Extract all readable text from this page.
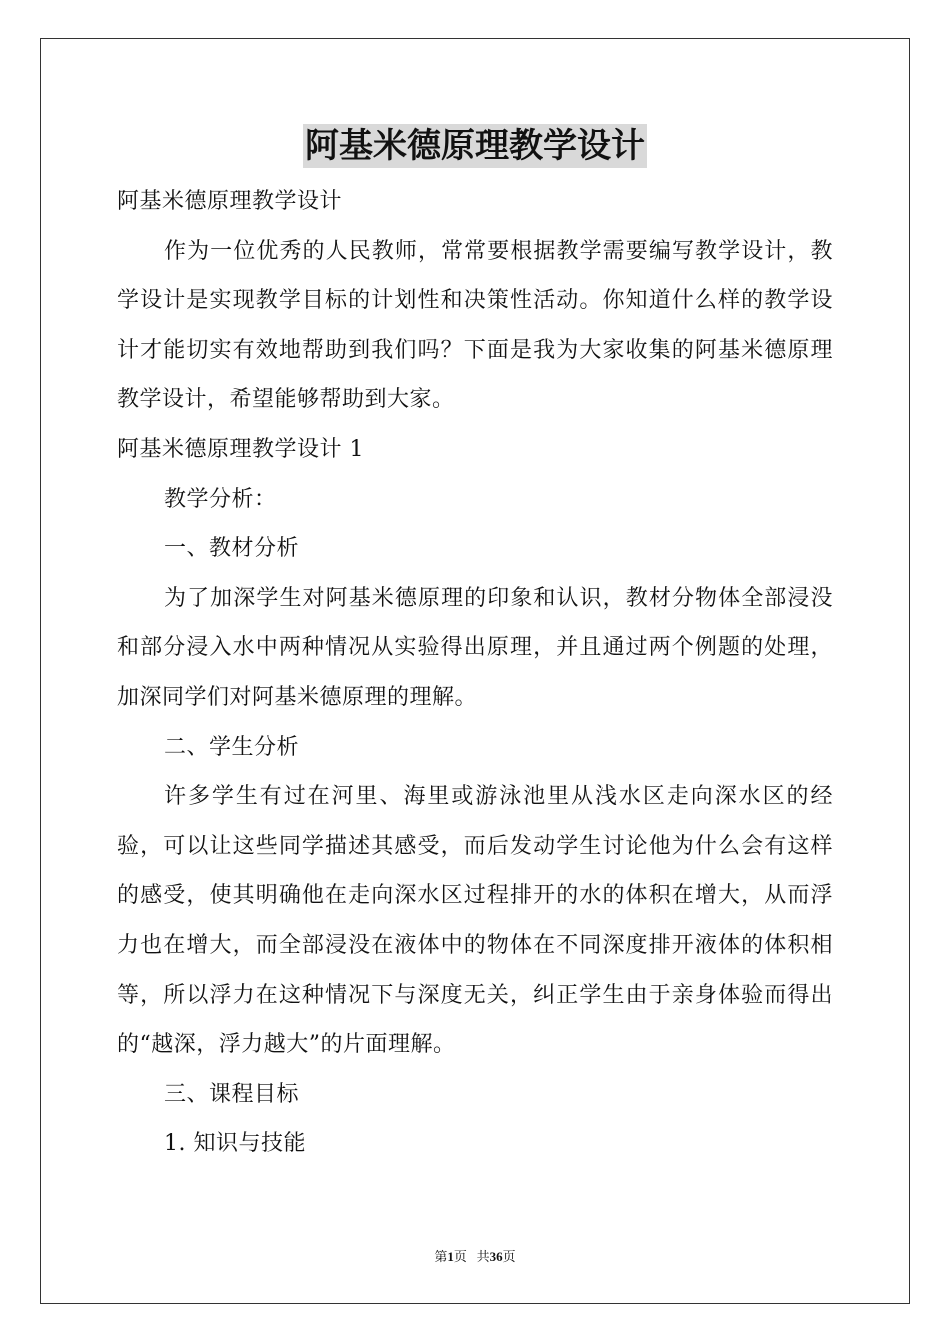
阿基米德原理教学设计

阿基米德原理教学设计

作为一位优秀的人民教师，常常要根据教学需要编写教学设计，教学设计是实现教学目标的计划性和决策性活动。你知道什么样的教学设计才能切实有效地帮助到我们吗？下面是我为大家收集的阿基米德原理教学设计，希望能够帮助到大家。

阿基米德原理教学设计 1

教学分析：

一、教材分析

为了加深学生对阿基米德原理的印象和认识，教材分物体全部浸没和部分浸入水中两种情况从实验得出原理，并且通过两个例题的处理，加深同学们对阿基米德原理的理解。

二、学生分析

许多学生有过在河里、海里或游泳池里从浅水区走向深水区的经验，可以让这些同学描述其感受，而后发动学生讨论他为什么会有这样的感受，使其明确他在走向深水区过程排开的水的体积在增大，从而浮力也在增大，而全部浸没在液体中的物体在不同深度排开液体的体积相等，所以浮力在这种情况下与深度无关，纠正学生由于亲身体验而得出的“越深，浮力越大”的片面理解。

三、课程目标

1. 知识与技能

第1页 共36页
